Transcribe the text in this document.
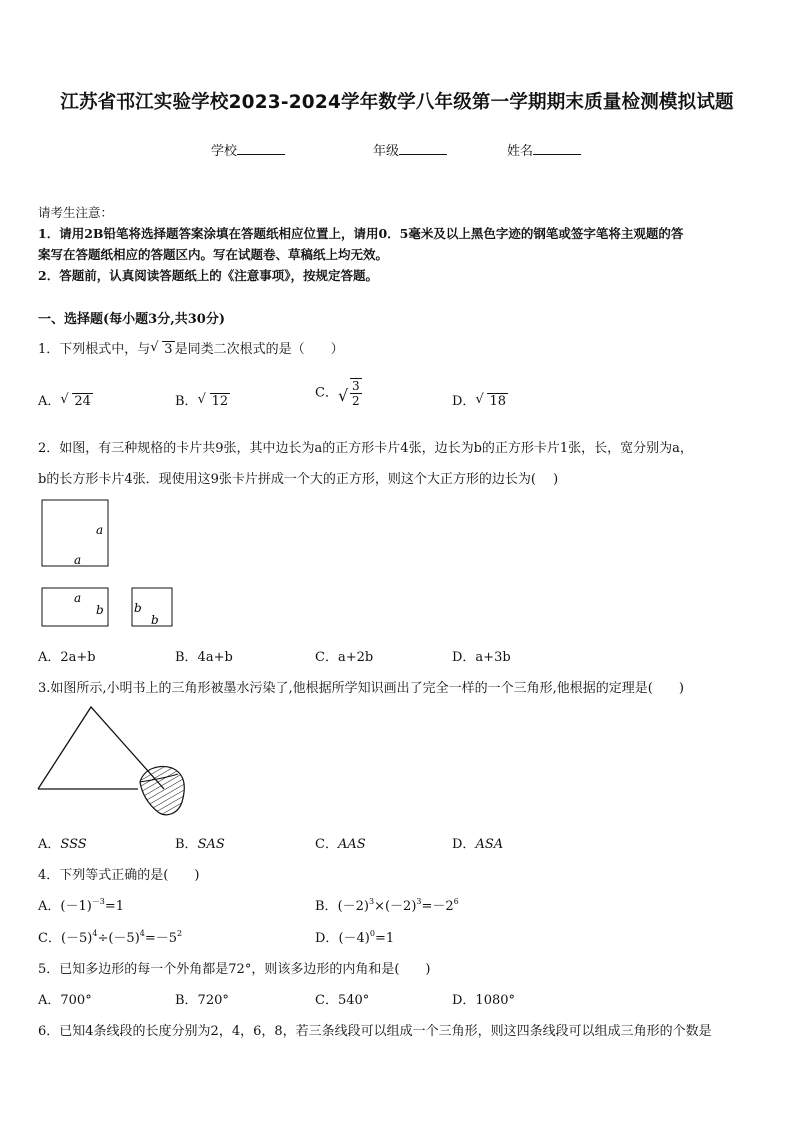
江苏省邗江实验学校2023-2024学年数学八年级第一学期期末质量检测模拟试题
学校	年级	姓名
请考生注意：
1．请用2B铅笔将选择题答案涂填在答题纸相应位置上，请用0．5毫米及以上黑色字迹的钢笔或签字笔将主观题的答
案写在答题纸相应的答题区内。写在试题卷、草稿纸上均无效。
2．答题前，认真阅读答题纸上的《注意事项》，按规定答题。
一、选择题(每小题3分,共30分)
1．下列根式中，与 √ 3 是同类二次根式的是（　　）
A． √ 24	B． √ 12
C． √ $\frac{3}{2}$	D． √ 18
2．如图，有三种规格的卡片共9张，其中边长为a的正方形卡片4张，边长为b的正方形卡片1张，长，宽分别为a，
b的长方形卡片4张．现使用这9张卡片拼成一个大的正方形，则这个大正方形的边长为(　 )
a
a
a
b	b
b
A．2a+b	B．4a+b	C．a+2b	D．a+3b
3.如图所示,小明书上的三角形被墨水污染了,他根据所学知识画出了完全一样的一个三角形,他根据的定理是(　　)
A．SSS	B．SAS	C．AAS	D．ASA
4．下列等式正确的是(　　)
A．$(-1)^{-3}=1$	B．$(-2)^3\times(-2)^3=-2^6$
C．$(-5)^4\div(-5)^4=-5^2$	D．$(-4)^0=1$
5．已知多边形的每一个外角都是72°，则该多边形的内角和是(　　)
A．700°	B．720°	C．540°	D．1080°
6．已知4条线段的长度分别为2，4，6，8，若三条线段可以组成一个三角形，则这四条线段可以组成三角形的个数是
